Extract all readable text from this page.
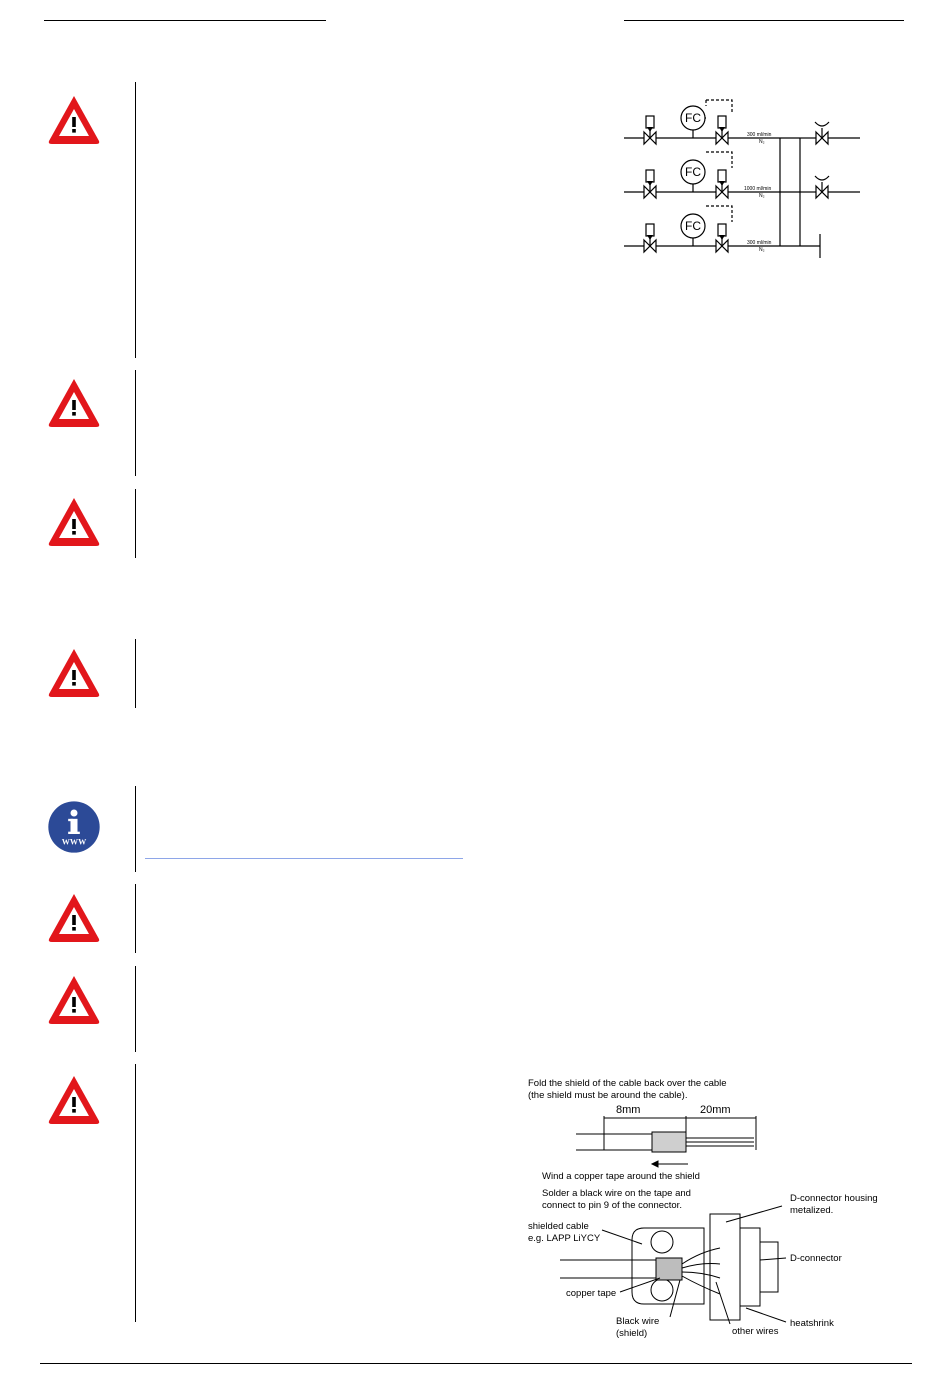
FC
FC
FC
300 ml/min
N₂
1000 ml/min
N₂
300 ml/min
N₂
WWW
Fold the shield of the cable back over the cable
(the shield must be around the cable).
8mm	20mm
Wind a copper tape around the shield
Solder a black wire on the tape and
connect to pin 9 of the connector.
D-connector housing
metalized.
shielded cable
e.g. LAPP LiYCY
D-connector
copper tape
heatshrink
Black wire
(shield)	other wires
